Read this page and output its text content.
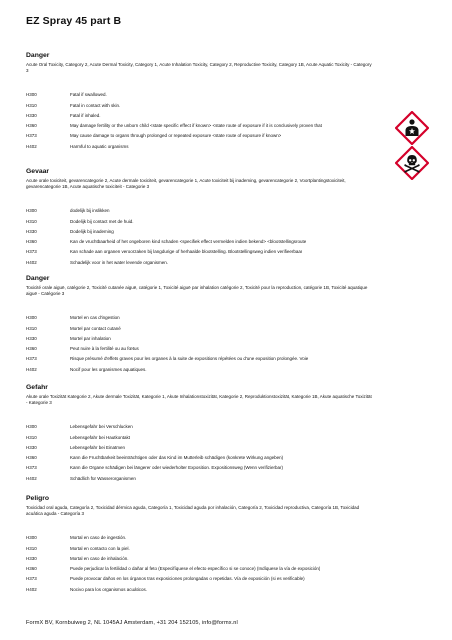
EZ Spray 45 part B
Danger

Acute Oral Toxicity, Category 2, Acute Dermal Toxicity, Category 1, Acute Inhalation Toxicity, Category 2, Reproductive Toxicity, Category 1B, Acute Aquatic Toxicity - Category 3

H300	Fatal if swallowed.
H310	Fatal in contact with skin.
H330	Fatal if inhaled.
H360	May damage fertility or the unborn child <state specific effect if known> <state route of exposure if it is conclusively proven that
H373	May cause damage to organs through prolonged or repeated exposure <state route of exposure if known>
H402	Harmful to aquatic organisms
Gevaar

Acute orale toxiciteit, gevarencategorie 2, Acute dermale toxiciteit, gevarencategorie 1, Acute toxiciteit bij inademing, gevarencategorie 2, Voortplantingstoxiciteit, gevarencategorie 1B, Acute aquatische toxiciteit - Categorie 3

H300	dodelijk bij inslikken
H310	Dodelijk bij contact met de huid.
H330	Dodelijk bij inademing
H360	Kan de vruchtbaarheid of het ongeboren kind schaden <specifiek effect vermelden indien bekend> <blootstellingsroute
H373	Kan schade aan organen veroorzaken bij langdurige of herhaalde blootstelling. Blootstellingsweg indien verifieerbaar
H402	Schadelijk voor in het water levende organismen.
Danger

Toxicité orale aiguë, catégorie 2, Toxicité cutanée aiguë, catégorie 1, Toxicité aiguë par inhalation catégorie 2, Toxicité pour la reproduction, catégorie 1B, Toxicité aquatique aiguë - Catégorie 3

H300	Mortel en cas d'ingestion
H310	Mortel par contact cutané
H330	Mortel par inhalation
H360	Peut nuire à la fertilité ou au fœtus
H373	Risque présumé d'effets graves pour les organes à la suite de expositions répétées ou d'une exposition prolongée. Voie
H402	Nocif pour les organismes aquatiques.
Gefahr

Akute orale Toxizität Kategorie 2, Akute dermale Toxizität, Kategorie 1, Akute Inhalationstoxizität, Kategorie 2, Reproduktionstoxizität, Kategorie 1B, Akute aquatische Toxizität - Kategorie 3

H300	Lebensgefahr bei Verschlucken
H310	Lebensgefahr bei Hautkontakt
H330	Lebensgefahr bei Einatmen
H360	Kann die Fruchtbarkeit beeinträchtigen oder das Kind im Mutterleib schädigen (konkrete Wirkung angeben)
H373	Kann die Organe schädigen bei längerer oder wiederholter Exposition. Expositionsweg (Wenn verifizierbar)
H402	Schädlich für Wasserorganismen
Peligro

Toxicidad oral aguda, Categoría 2, Toxicidad dérmica aguda, Categoría 1, Toxicidad aguda por inhalación, Categoría 2, Toxicidad reproductiva, Categoría 1B, Toxicidad acuática aguda - Categoría 3

H300	Mortal en caso de ingestión.
H310	Mortal en contacto con la piel.
H330	Mortal en caso de inhalación.
H360	Puede perjudicar la fertilidad o dañar al feto (Especifíquese el efecto específico si se conoce) (Indíquese la vía de exposición)
H373	Puede provocar daños en los órganos tras exposiciones prolongadas o repetidas. Vía de exposición (si es verificable)
H402	Nocivo para los organismos acuáticos.
FormX BV, Kornbuiweg 2, NL 1045AJ Amsterdam, +31 204 152105, info@formx.nl
